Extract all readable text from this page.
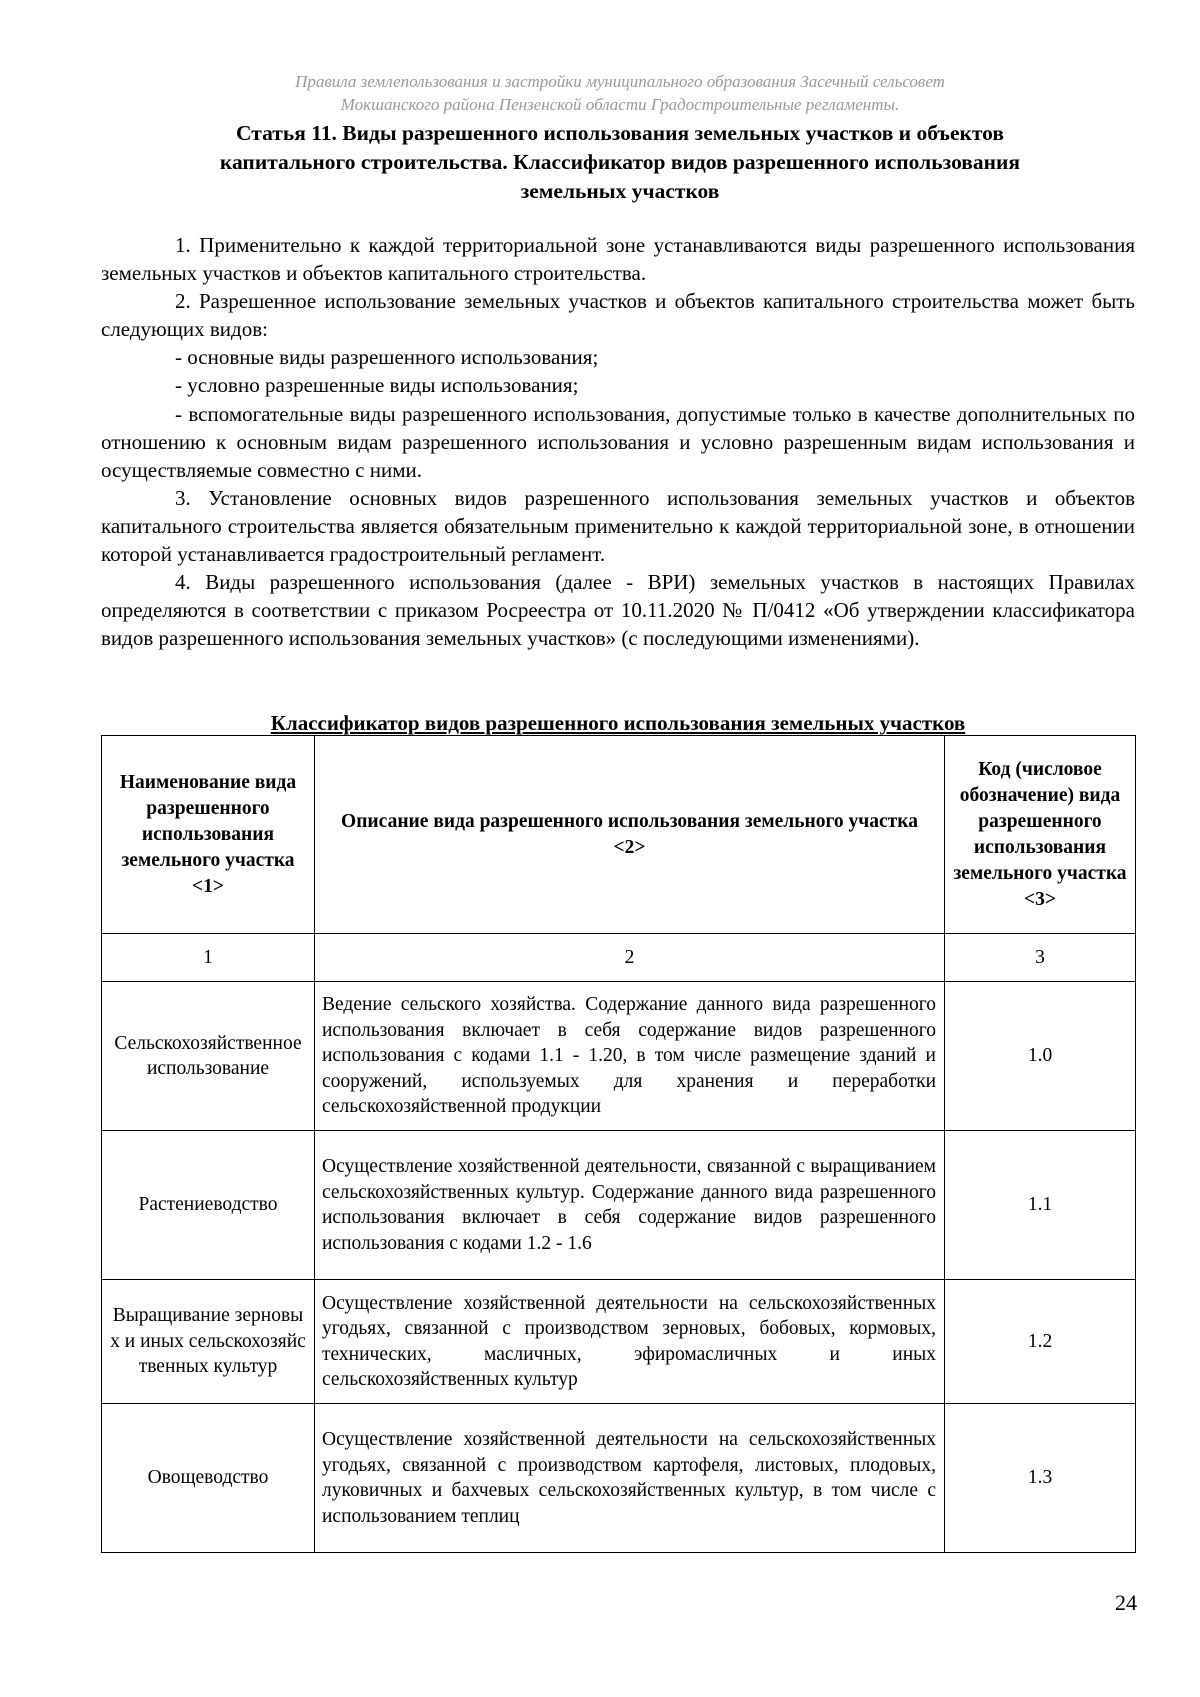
Правила землепользования и застройки муниципального образования Засечный сельсовет
Мокшанского района Пензенской области Градостроительные регламенты.
Статья 11. Виды разрешенного использования земельных участков и объектов
капитального строительства. Классификатор видов разрешенного использования
земельных участков

1. Применительно к каждой территориальной зоне устанавливаются виды разрешенного использования земельных участков и объектов капитального строительства.

2. Разрешенное использование земельных участков и объектов капитального строительства может быть следующих видов:

- основные виды разрешенного использования;

- условно разрешенные виды использования;

- вспомогательные виды разрешенного использования, допустимые только в качестве дополнительных по отношению к основным видам разрешенного использования и условно разрешенным видам использования и осуществляемые совместно с ними.

3. Установление основных видов разрешенного использования земельных участков и объектов капитального строительства является обязательным применительно к каждой территориальной зоне, в отношении которой устанавливается градостроительный регламент.

4. Виды разрешенного использования (далее - ВРИ) земельных участков в настоящих Правилах определяются в соответствии с приказом Росреестра от 10.11.2020 № П/0412 «Об утверждении классификатора видов разрешенного использования земельных участков» (с последующими изменениями).

Классификатор видов разрешенного использования земельных участков
Наименование вида разрешенного использования земельного участка <1>	Описание вида разрешенного использования земельного участка <2>	Код (числовое обозначение) вида разрешенного использования земельного участка <3>
1	2	3
Сельскохозяйственное использование	Ведение сельского хозяйства. Содержание данного вида разрешенного использования включает в себя содержание видов разрешенного использования с кодами 1.1 - 1.20, в том числе размещение зданий и сооружений, используемых для хранения и переработки сельскохозяйственной продукции	1.0
Растениеводство	Осуществление хозяйственной деятельности, связанной с выращиванием сельскохозяйственных культур. Содержание данного вида разрешенного использования включает в себя содержание видов разрешенного использования с кодами 1.2 - 1.6	1.1
Выращивание зерновых и иных сельскохозяйственных культур	Осуществление хозяйственной деятельности на сельскохозяйственных угодьях, связанной с производством зерновых, бобовых, кормовых, технических, масличных, эфиромасличных и иных сельскохозяйственных культур	1.2
Овощеводство	Осуществление хозяйственной деятельности на сельскохозяйственных угодьях, связанной с производством картофеля, листовых, плодовых, луковичных и бахчевых сельскохозяйственных культур, в том числе с использованием теплиц	1.3
24
